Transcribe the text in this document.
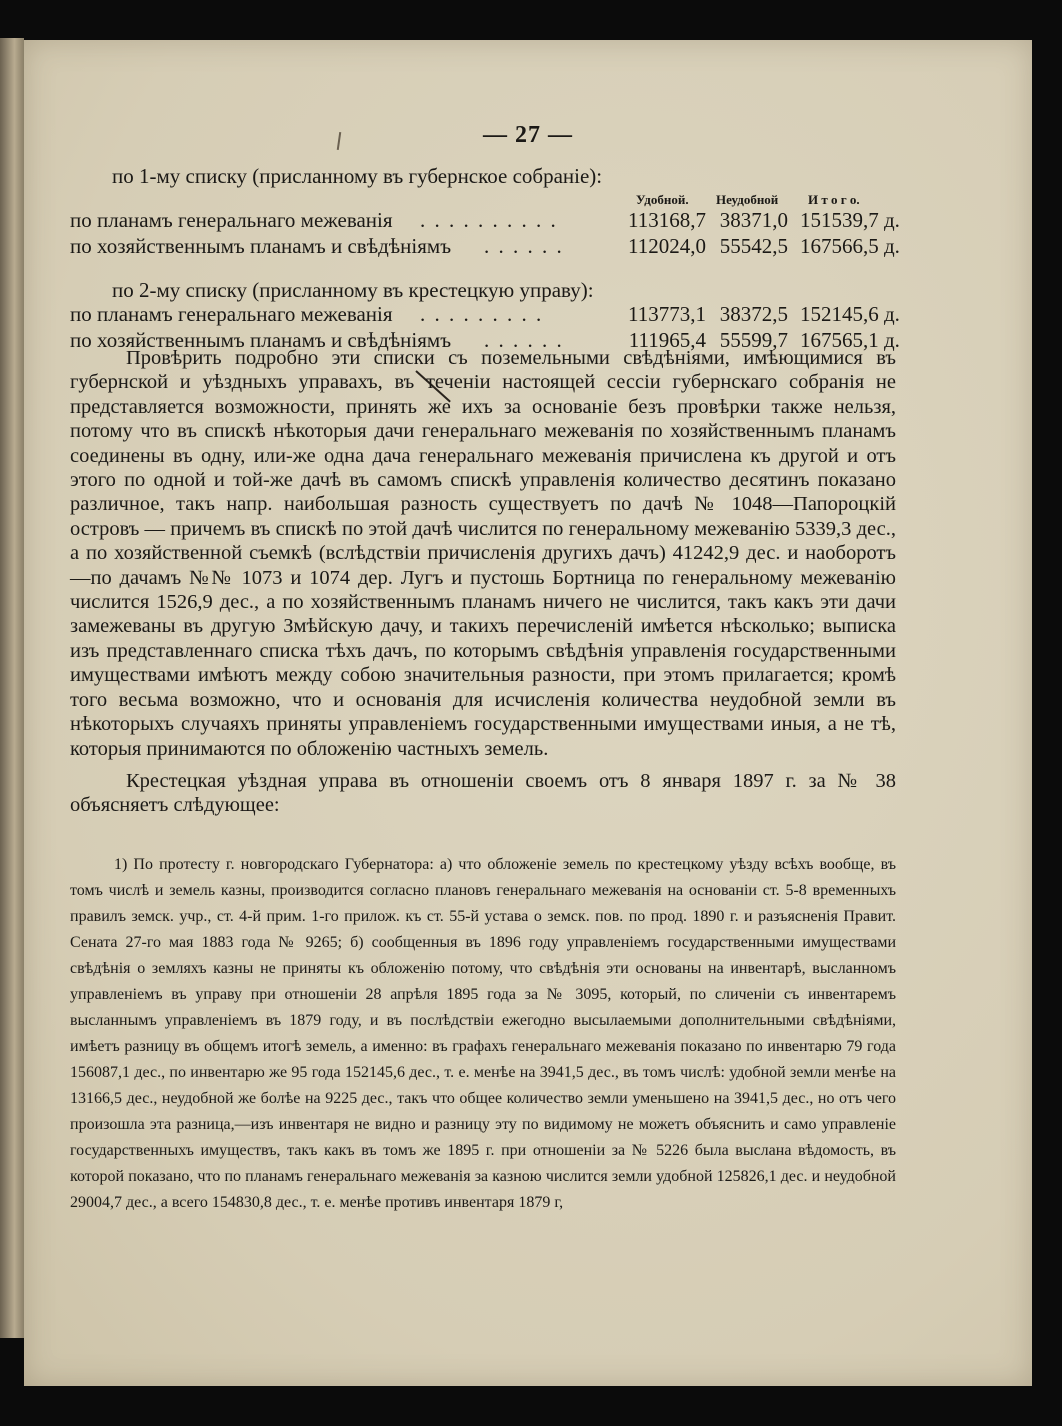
— 27 —
по 1-му списку (присланному въ губернское собраніе):
Удобной. Неудобной И т о г о.
по планамъ генеральнаго межеванія . . . . . . . . . .	113168,7 38371,0 151539,7 д.
по хозяйственнымъ планамъ и свѣдѣніямъ . . . . . .	112024,0 55542,5 167566,5 д.
по 2-му списку (присланному въ крестецкую управу):
по планамъ генеральнаго межеванія . . . . . . . . .	113773,1 38372,5 152145,6 д.
по хозяйственнымъ планамъ и свѣдѣніямъ . . . . . .	111965,4 55599,7 167565,1 д.

Провѣрить подробно эти списки съ поземельными свѣдѣніями, имѣющимися въ губернской и уѣздныхъ управахъ, въ теченіи настоящей сессіи губернскаго собранія не представляется возможности, принять же ихъ за основаніе безъ провѣрки также нельзя, потому что въ спискѣ нѣкоторыя дачи генеральнаго межеванія по хозяйственнымъ планамъ соединены въ одну, или-же одна дача генеральнаго межеванія причислена къ другой и отъ этого по одной и той-же дачѣ въ самомъ спискѣ управленія количество десятинъ показано различное, такъ напр. наибольшая разность существуетъ по дачѣ № 1048—Папороцкій островъ — причемъ въ спискѣ по этой дачѣ числится по генеральному межеванію 5339,3 дес., а по хозяйственной съемкѣ (вслѣдствіи причисленія другихъ дачъ) 41242,9 дес. и наоборотъ—по дачамъ №№ 1073 и 1074 дер. Лугъ и пустошь Бортница по генеральному межеванію числится 1526,9 дес., а по хозяйственнымъ планамъ ничего не числится, такъ какъ эти дачи замежеваны въ другую Змѣйскую дачу, и такихъ перечисленій имѣется нѣсколько; выписка изъ представленнаго списка тѣхъ дачъ, по которымъ свѣдѣнія управленія государственными имуществами имѣютъ между собою значительныя разности, при этомъ прилагается; кромѣ того весьма возможно, что и основанія для исчисленія количества неудобной земли въ нѣкоторыхъ случаяхъ приняты управленіемъ государственными имуществами иныя, а не тѣ, которыя принимаются по обложенію частныхъ земель.

Крестецкая уѣздная управа въ отношеніи своемъ отъ 8 января 1897 г. за № 38 объясняетъ слѣдующее:

1) По протесту г. новгородскаго Губернатора: а) что обложеніе земель по крестецкому уѣзду всѣхъ вообще, въ томъ числѣ и земель казны, производится согласно плановъ генеральнаго межеванія на основаніи ст. 5-8 временныхъ правилъ земск. учр., ст. 4-й прим. 1-го прилож. къ ст. 55-й устава о земск. пов. по прод. 1890 г. и разъясненія Правит. Сената 27-го мая 1883 года № 9265; б) сообщенныя въ 1896 году управленіемъ государственными имуществами свѣдѣнія о земляхъ казны не приняты къ обложенію потому, что свѣдѣнія эти основаны на инвентарѣ, высланномъ управленіемъ въ управу при отношеніи 28 апрѣля 1895 года за № 3095, который, по сличеніи съ инвентаремъ высланнымъ управленіемъ въ 1879 году, и въ послѣдствіи ежегодно высылаемыми дополнительными свѣдѣніями, имѣетъ разницу въ общемъ итогѣ земель, а именно: въ графахъ генеральнаго межеванія показано по инвентарю 79 года 156087,1 дес., по инвентарю же 95 года 152145,6 дес., т. е. менѣе на 3941,5 дес., въ томъ числѣ: удобной земли менѣе на 13166,5 дес., неудобной же болѣе на 9225 дес., такъ что общее количество земли уменьшено на 3941,5 дес., но отъ чего произошла эта разница,—изъ инвентаря не видно и разницу эту по видимому не можетъ объяснить и само управленіе государственныхъ имуществъ, такъ какъ въ томъ же 1895 г. при отношеніи за № 5226 была выслана вѣдомость, въ которой показано, что по планамъ генеральнаго межеванія за казною числится земли удобной 125826,1 дес. и неудобной 29004,7 дес., а всего 154830,8 дес., т. е. менѣе противъ инвентаря 1879 г,
